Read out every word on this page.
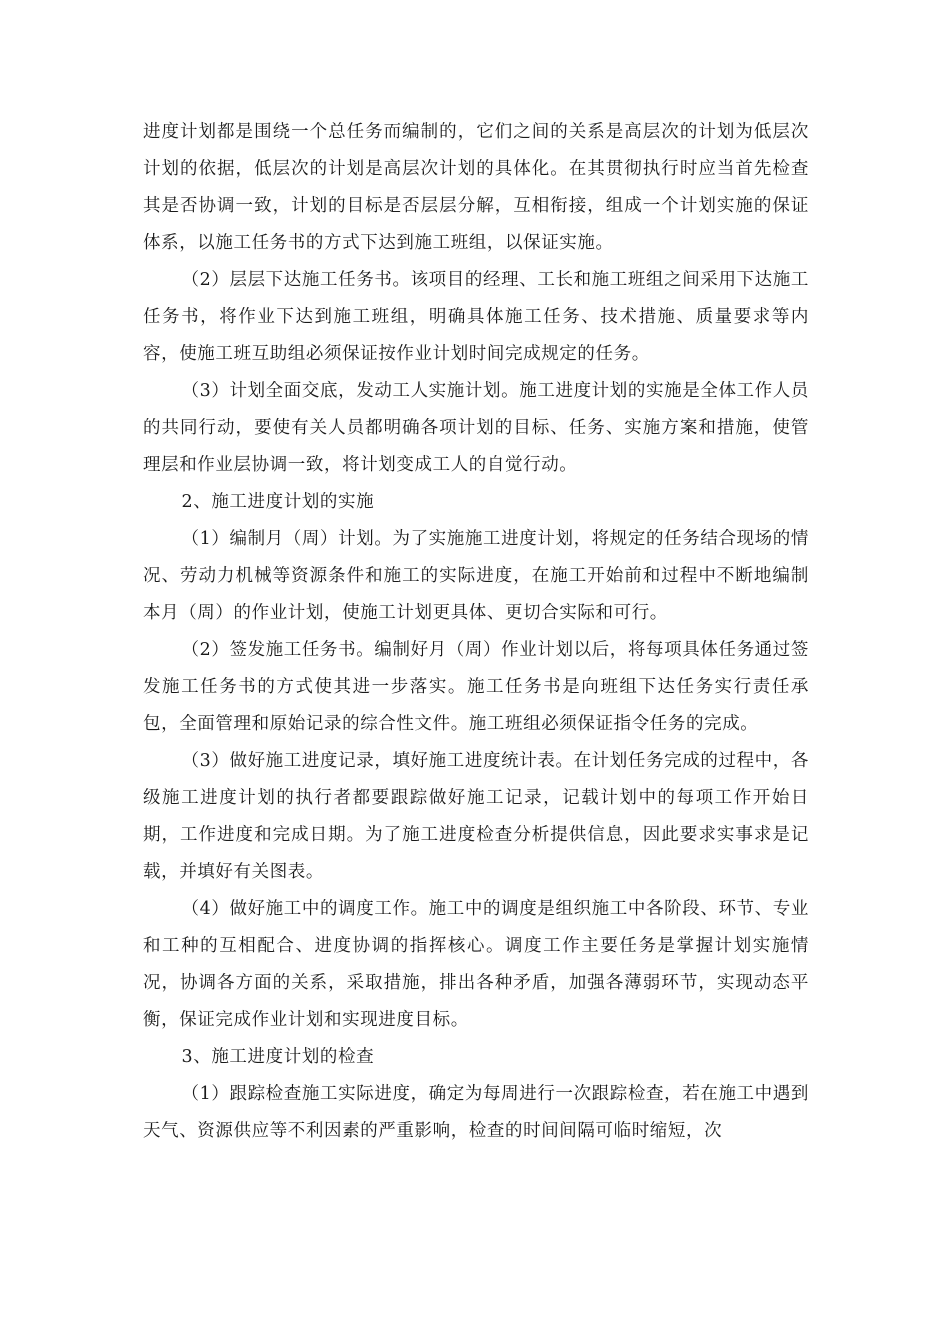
进度计划都是围绕一个总任务而编制的，它们之间的关系是高层次的计划为低层次计划的依据，低层次的计划是高层次计划的具体化。在其贯彻执行时应当首先检查其是否协调一致，计划的目标是否层层分解，互相衔接，组成一个计划实施的保证体系，以施工任务书的方式下达到施工班组，以保证实施。

（2）层层下达施工任务书。该项目的经理、工长和施工班组之间采用下达施工任务书，将作业下达到施工班组，明确具体施工任务、技术措施、质量要求等内容，使施工班互助组必须保证按作业计划时间完成规定的任务。

（3）计划全面交底，发动工人实施计划。施工进度计划的实施是全体工作人员的共同行动，要使有关人员都明确各项计划的目标、任务、实施方案和措施，使管理层和作业层协调一致，将计划变成工人的自觉行动。

2、施工进度计划的实施

（1）编制月（周）计划。为了实施施工进度计划，将规定的任务结合现场的情况、劳动力机械等资源条件和施工的实际进度，在施工开始前和过程中不断地编制本月（周）的作业计划，使施工计划更具体、更切合实际和可行。

（2）签发施工任务书。编制好月（周）作业计划以后，将每项具体任务通过签发施工任务书的方式使其进一步落实。施工任务书是向班组下达任务实行责任承包，全面管理和原始记录的综合性文件。施工班组必须保证指令任务的完成。

（3）做好施工进度记录，填好施工进度统计表。在计划任务完成的过程中，各级施工进度计划的执行者都要跟踪做好施工记录，记载计划中的每项工作开始日期，工作进度和完成日期。为了施工进度检查分析提供信息，因此要求实事求是记载，并填好有关图表。

（4）做好施工中的调度工作。施工中的调度是组织施工中各阶段、环节、专业和工种的互相配合、进度协调的指挥核心。调度工作主要任务是掌握计划实施情况，协调各方面的关系，采取措施，排出各种矛盾，加强各薄弱环节，实现动态平衡，保证完成作业计划和实现进度目标。

3、施工进度计划的检查

（1）跟踪检查施工实际进度，确定为每周进行一次跟踪检查，若在施工中遇到天气、资源供应等不利因素的严重影响，检查的时间间隔可临时缩短，次
